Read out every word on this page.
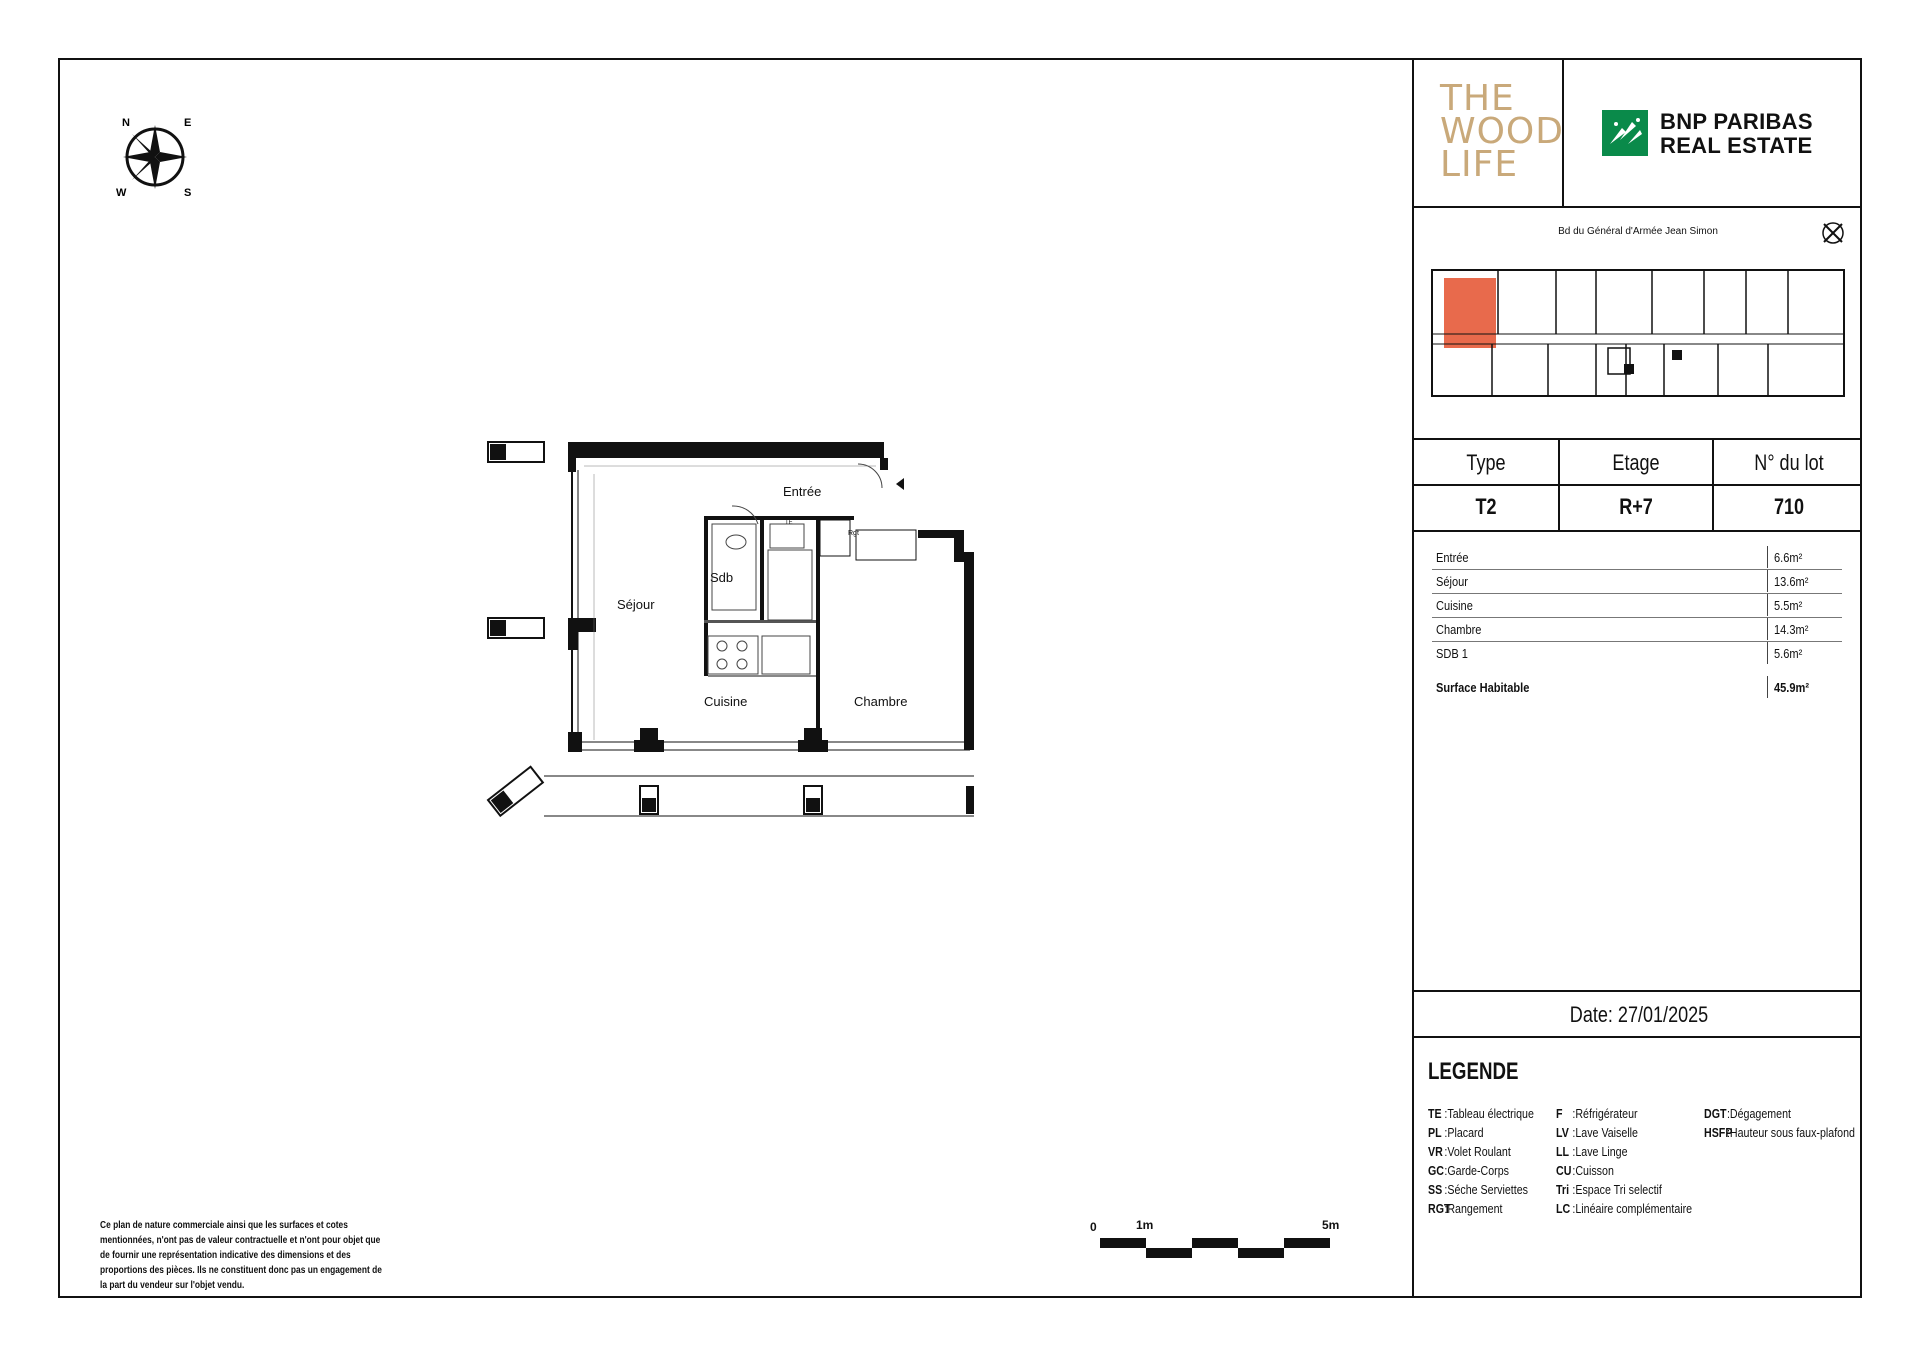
N	E
S
W
Entrée
Sdb
Séjour
Cuisine	Chambre
Rgt
TE
0	1m	5m
Ce plan de nature commerciale ainsi que les surfaces et cotes mentionnées, n'ont pas de valeur contractuelle et n'ont pour objet que de fournir une représentation indicative des dimensions et des proportions des pièces. Ils ne constituent donc pas un engagement de la part du vendeur sur l'objet vendu.
THE
WOOD
LIFE
BNP PARIBAS
REAL ESTATE
Bd du Général d'Armée Jean Simon
Type	Etage	N° du lot
T2	R+7	710
Entrée	6.6m²
Séjour	13.6m²
Cuisine	5.5m²
Chambre	14.3m²
SDB 1	5.6m²
Surface Habitable	45.9m²
Date: 27/01/2025
LEGENDE
TE :Tableau électrique
PL :Placard
VR :Volet Roulant
GC:Garde-Corps
SS :Séche Serviettes
RGT:Rangement
F :Réfrigérateur
LV :Lave Vaiselle
LL :Lave Linge
CU:Cuisson
Tri :Espace Tri selectif
LC :Linéaire complémentaire
DGT:Dégagement
HSFP:Hauteur sous faux-plafond
